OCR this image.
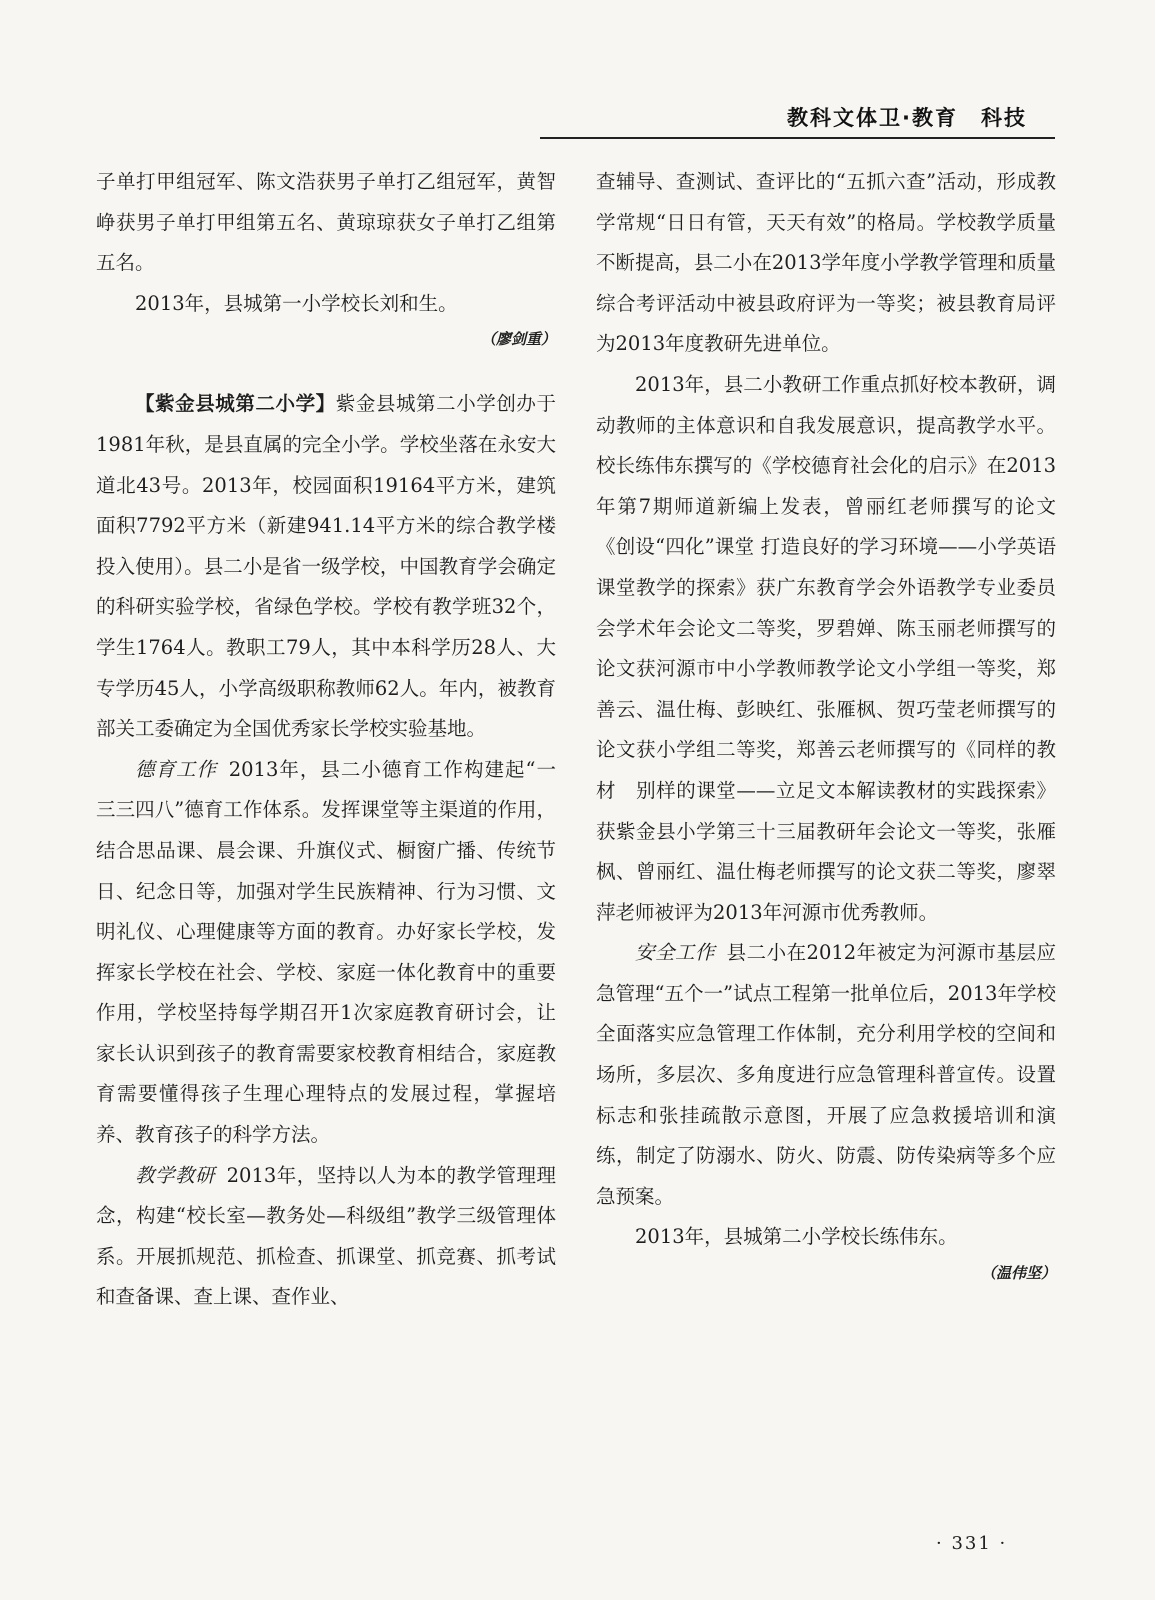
教科文体卫·教育　科技

子单打甲组冠军、陈文浩获男子单打乙组冠军，黄智峥获男子单打甲组第五名、黄琼琼获女子单打乙组第五名。

2013年，县城第一小学校长刘和生。

（廖剑重）

【紫金县城第二小学】紫金县城第二小学创办于1981年秋，是县直属的完全小学。学校坐落在永安大道北43号。2013年，校园面积19164平方米，建筑面积7792平方米（新建941.14平方米的综合教学楼投入使用）。县二小是省一级学校，中国教育学会确定的科研实验学校，省绿色学校。学校有教学班32个，学生1764人。教职工79人，其中本科学历28人、大专学历45人，小学高级职称教师62人。年内，被教育部关工委确定为全国优秀家长学校实验基地。

德育工作 2013年，县二小德育工作构建起“一三三四八”德育工作体系。发挥课堂等主渠道的作用，结合思品课、晨会课、升旗仪式、橱窗广播、传统节日、纪念日等，加强对学生民族精神、行为习惯、文明礼仪、心理健康等方面的教育。办好家长学校，发挥家长学校在社会、学校、家庭一体化教育中的重要作用，学校坚持每学期召开1次家庭教育研讨会，让家长认识到孩子的教育需要家校教育相结合，家庭教育需要懂得孩子生理心理特点的发展过程，掌握培养、教育孩子的科学方法。

教学教研 2013年，坚持以人为本的教学管理理念，构建“校长室—教务处—科级组”教学三级管理体系。开展抓规范、抓检查、抓课堂、抓竞赛、抓考试和查备课、查上课、查作业、

查辅导、查测试、查评比的“五抓六查”活动，形成教学常规“日日有管，天天有效”的格局。学校教学质量不断提高，县二小在2013学年度小学教学管理和质量综合考评活动中被县政府评为一等奖；被县教育局评为2013年度教研先进单位。

2013年，县二小教研工作重点抓好校本教研，调动教师的主体意识和自我发展意识，提高教学水平。校长练伟东撰写的《学校德育社会化的启示》在2013年第7期师道新编上发表，曾丽红老师撰写的论文《创设“四化”课堂 打造良好的学习环境——小学英语课堂教学的探索》获广东教育学会外语教学专业委员会学术年会论文二等奖，罗碧婵、陈玉丽老师撰写的论文获河源市中小学教师教学论文小学组一等奖，郑善云、温仕梅、彭映红、张雁枫、贺巧莹老师撰写的论文获小学组二等奖，郑善云老师撰写的《同样的教材　别样的课堂——立足文本解读教材的实践探索》获紫金县小学第三十三届教研年会论文一等奖，张雁枫、曾丽红、温仕梅老师撰写的论文获二等奖，廖翠萍老师被评为2013年河源市优秀教师。

安全工作 县二小在2012年被定为河源市基层应急管理“五个一”试点工程第一批单位后，2013年学校全面落实应急管理工作体制，充分利用学校的空间和场所，多层次、多角度进行应急管理科普宣传。设置标志和张挂疏散示意图，开展了应急救援培训和演练，制定了防溺水、防火、防震、防传染病等多个应急预案。

2013年，县城第二小学校长练伟东。

（温伟坚）
· 331 ·
